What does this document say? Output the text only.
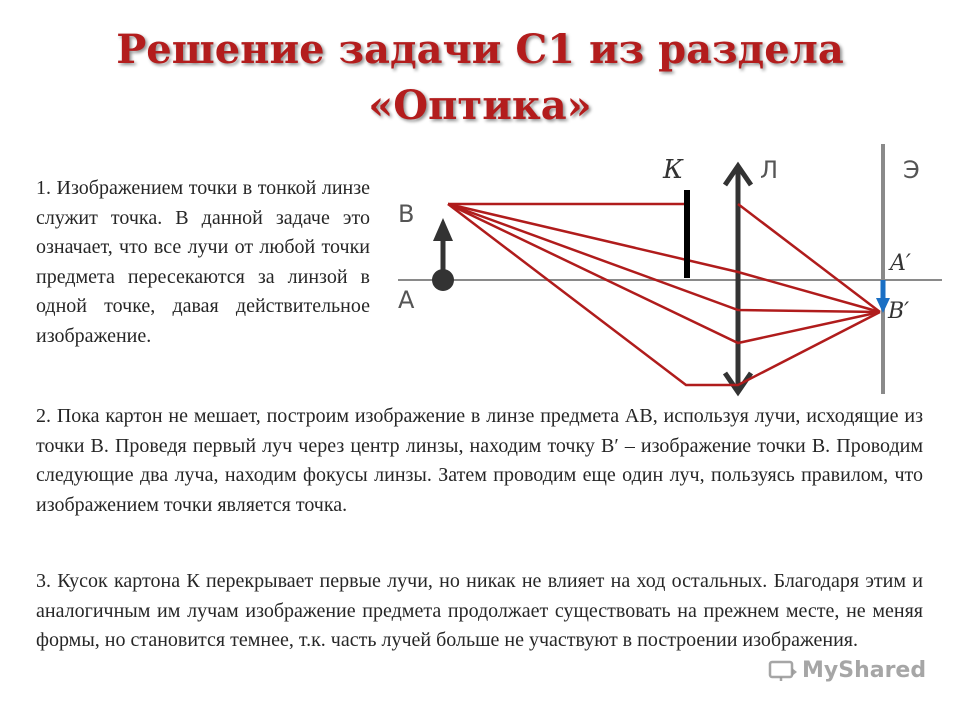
Решение задачи С1 из раздела
«Оптика»

1. Изображением точки в тонкой линзе служит точка. В данной задаче это означает, что все лучи от любой точки предмета пересекаются за линзой в одной точке, давая действительное изображение.

В
А
К	Л	Э
A′
B′

2. Пока картон не мешает, построим изображение в линзе предмета АВ, используя лучи, исходящие из точки В. Проведя первый луч через центр линзы, находим точку В′ – изображение точки В. Проводим следующие два луча, находим фокусы линзы. Затем проводим еще один луч, пользуясь правилом, что изображением точки является точка.

3. Кусок картона К перекрывает первые лучи, но никак не влияет на ход остальных. Благодаря этим и аналогичным им лучам изображение предмета продолжает существовать на прежнем месте, не меняя формы, но становится темнее, т.к. часть лучей больше не участвуют в построении изображения.

MyShared
